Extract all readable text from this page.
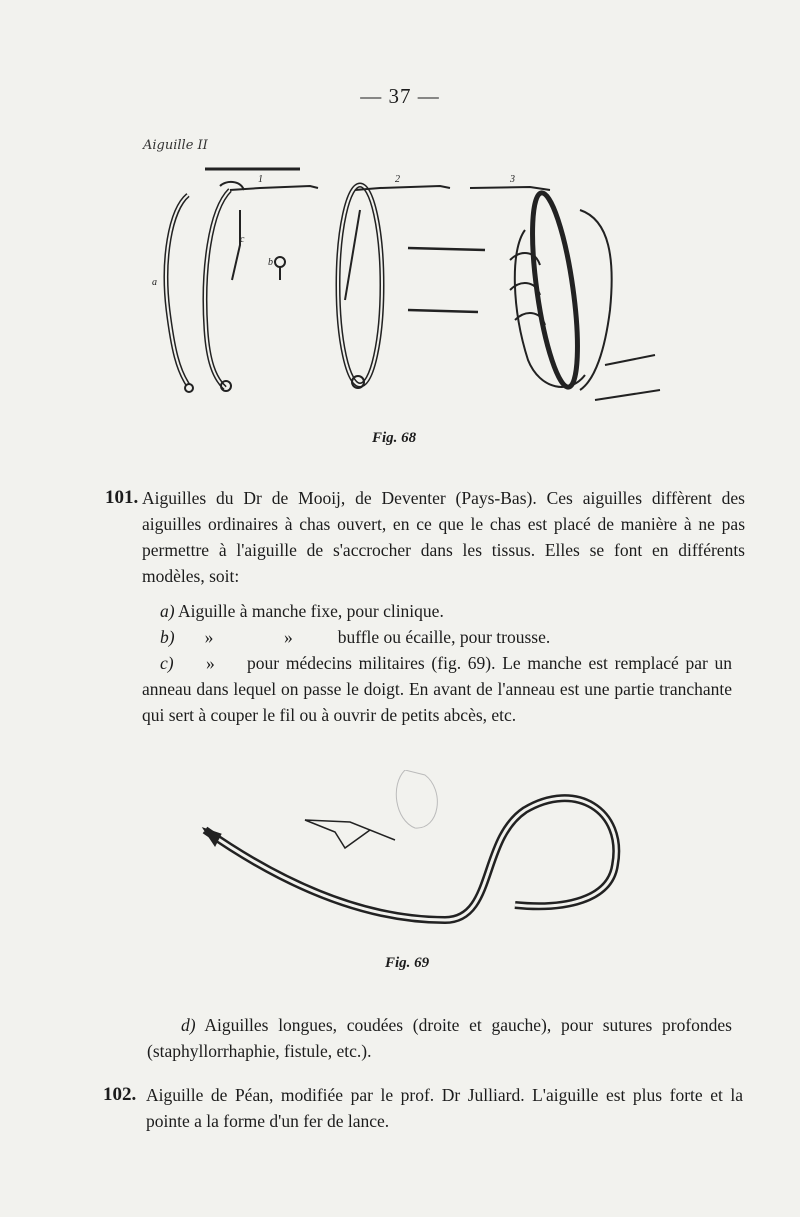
— 37 —
Aiguille II
1	2	3
a
b
c
Fig. 68
101. Aiguilles du Dr de Mooij, de Deventer (Pays-Bas). Ces aiguilles diffèrent des aiguilles ordinaires à chas ouvert, en ce que le chas est placé de manière à ne pas permettre à l'aiguille de s'accrocher dans les tissus. Elles se font en différents modèles, soit:
a) Aiguille à manche fixe, pour clinique.
b) »	»	buffle ou écaille, pour trousse.
c) » pour médecins militaires (fig. 69). Le manche est remplacé par un anneau dans lequel on passe le doigt. En avant de l'anneau est une partie tranchante qui sert à couper le fil ou à ouvrir de petits abcès, etc.
Fig. 69
d) Aiguilles longues, coudées (droite et gauche), pour sutures profondes (staphyllorrhaphie, fistule, etc.).
102. Aiguille de Péan, modifiée par le prof. Dr Julliard. L'aiguille est plus forte et la pointe a la forme d'un fer de lance.
